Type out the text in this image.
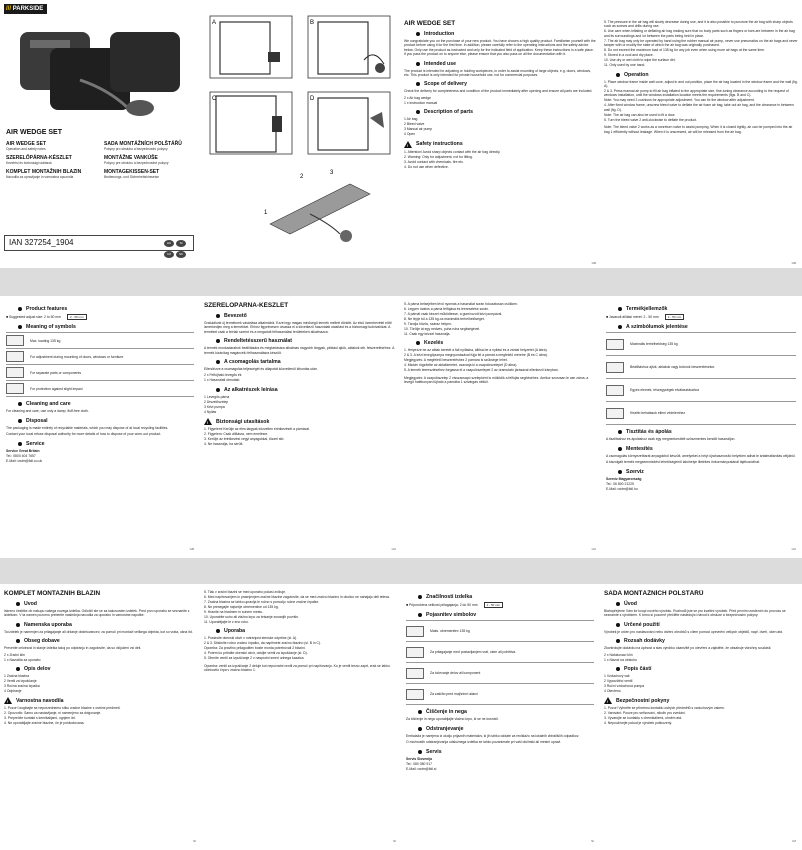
/// PARKSIDE
AIR WEDGE SET
AIR WEDGE SET
Operation and safety notes
SADA MONTÁŽNÍCH POLŠTÁŘŮ
Pokyny pro obsluhu a bezpečnostní pokyny
SZERELŐPÁRNA-KÉSZLET
Kezelési és biztonsági utalások
MONTÁŽNE VANKÚŠE
Pokyny pre obsluhu a bezpečnostné pokyny
KOMPLET MONTAŽNIH BLAZIN
Navodila za upravljanje in varnostna opozorila
MONTAGEKISSEN-SET
Bedienungs- und Sicherheitshinweise
IAN 327254_1904	HU	SICZ	SK
A	B
C	D
2
3
1
AIR WEDGE SET
Introduction

We congratulate you on the purchase of your new product. You have chosen a high quality product. Familiarise yourself with the product before using it for the first time. In addition, please carefully refer to the operating instructions and the safety advice below. Only use the product as instructed and only for the indicated field of application. Keep these instructions in a safe place. If you pass the product on to anyone else, please ensure that you also pass on all the documentation with it.

Intended use

The product is intended for adjusting or holding workpieces, in order to assist mounting of large objects, e.g. doors, windows, etc. This product is only intended for private household use, not for commercial purposes.

Scope of delivery

Check the delivery for completeness and condition of the product immediately after opening and ensure all parts are included.

2 x Air bag wedge
1 x Instruction manual
Description of parts
1 Air bag
2 Bleed valve
3 Manual air pump
4 Open
!
Safety instructions
1. Attention! Avoid sharp objects contact with the air bag directly.
2. Warning: Only for adjustment, not for lifting.
3. Avoid contact with chemicals, fire etc.
4. Do not use when defective.
GB
5. The pressure in the air bag will slowly decrease during use, and it is also possible to puncture the air bag with sharp objects such as screws and drills during use.
6. Use care when inflating or deflating air bag making sure that no body parts such as fingers or toes are between in the air bag and its surroundings and /or between the parts being held in place.
7. The air bag may only be operated by hand using the rubber manual air pump, never use pneumatics on the air bags and never tamper with or modify the state of which the air bag was originally purchased.
8. Do not exceed the maximum load of 135 kg for any job even when using more air bags at the same time.
9. Stored in a cool and dry place.
10. Use dry or wet cloth to wipe the surface dirt.
11. Only used by one hand.
Operation
1. Place window frame inside wall cove, adjust in and out position, place the air bag located in the window frame and the wall (fig. A).
2 & 3. Press manual air pump to fill air bag inflated to the appropriate size, fine-tuning clearance according to the request of windows installation, until the windows installation location meets the requirements (figs. B and C).
Note: You may need 2 cushions for appropriate adjustment. You can fix the window after adjustment.
4. After fixed window frame, unscrew bleed valve to deflate the air foam air bag, take out air bag, and the clearance in between wall (fig. D).
Note: The air bag can also be used to fit a door.
5. Turn the bleed valve 2 anti-clockwise to deflate the product.

Note: The bleed valve 2 works as a nonreturn valve to assist pumping. When it is closed tightly, air can be pumped into the air bag 1 efficiently without leakage. When it is unscrewed, air will be released from the air bag.

GB
Product features

■ Suggested adjust size: 2 to 50 mm	2 - 50 mm

Meaning of symbols
Max. loading 135 kg
For adjustment during mounting of doors, windows or furniture.
For separate parts or components
For protection against slight impact
Cleaning and care

For cleaning and care, use only a damp, fluff-free cloth.

Disposal

The packaging is made entirely of recyclable materials, which you may dispose of at local recycling facilities.

Contact your local refuse disposal authority for more details of how to dispose of your worn-out product.

Service
Service Great Britain
Tel.: 0800 404 7657
E-Mail: owim@lidl.co.uk
GB
SZERELŐPÁRNA-KÉSZLET
Bevezető

Gratulálunk új terméknek vásárlása alkalmából. Ezzel egy magas minőségű termék mellett döntött. Az első üzembevétel előtt ismerkedjen meg a termékkel. Ehhez figyelmesen olvassa el a következő használati utasítást és a biztonsági tudnivalókat. A terméket csak a leírtak szerint és a megadott felhasználási területeken alkalmazza.

Rendeltetésszerű használat

A termék munkadarabok beállítására és megtartására alkalmas nagyobb tárgyak, például ajtók, ablakok stb. felszereléséhez. A termék kizárólag magáncélú felhasználásra készült.

A csomagolás tartalma

Ellenőrizze a csomagolás teljességét és állapotát közvetlenül kibontás után.

2 x Felfújható levegős ék
1 x Használati útmutató
Az alkatrészek leírása
1 Levegős párna
2 Ürszelőszelep
3 Kézi pumpa
4 Nyitás
!
Biztonsági utasítások
1. Figyelem! Kerülje az éles tárgyak közvetlen érintkezését a párnával.
2. Figyelem: Csak állításra, nem emelésre.
3. Kerülje az érintkezést vegyi anyagokkal, tűzzel stb.
4. Ne használja, ha sérült.
HU
5. A párna belsejében lévő nyomás a használat során fokozatosan csökken.
6. Legyen óvatos a párna felfújása és leeresztése során.
7. A párnát csak kézzel működtesse, a gumírozott kézi pumpával.
8. Ne lépje túl a 135 kg-os maximális terhelhetőséget.
9. Tárolja hűvös, száraz helyen.
10. Törölje át egy nedves, puha ruha segítségével.
11. Csak egy kézzel használja.
Kezelés
1. Helyezze be az ablak keretét a fali nyílásba, állítsa be a nyitási és a zárási helyzetet (A ábra).
2 & 3. A kézi levegőpumpa megnyomásával fújja fel a párnát a megfelelő méretre (B és C ábra).
Megjegyzés: A megfelelő beszereléshez 2 párnára is szüksége lehet.
4. Miután rögzítette az ablakkeretet, csavarja ki a csapolószelepet (D ábra).
5. A termék leeresztéséhez forgassa el a csapolószelepet 2 az óramutató járásával ellenkező irányban.

Megjegyzés: A csapolószelep 2 visszacsapó szelepként is működik a felfújás segítéséhez. Amikor szorosan le van zárva, a levegő hatékonyan fújható a párnába 1 szivárgás nélkül.

HU
Termékjellemzők

■ Javasolt állítási méret: 2 - 50 mm	2 - 50 mm

A szimbólumok jelentése
Maximális terhelhetőség 135 kg
Beállításhoz ajtók, ablakok vagy bútorok beszerelésekor.
Egyes elemek, részegységek elválasztásához
Kisebb behatások elleni védelemhez
Tisztítás és ápolás

A tisztításhoz és ápoláshoz csak egy megnedvesített szöszmentes kendőt használjon.

Mentesítés

A csomagolás környezetbarát anyagokból készült, amelyeket a helyi újrahasznosító helyeken adhat le ártalmatlanítás céljából.

A kiszolgált termék megsemmisítési lehetőségeiről lakóhelye illetékes önkormányzatánál tájékozódhat.

Szerviz
Szerviz Magyarország
Tel.: 06 800 21225
E-Mail: owim@lidl.hu
HU
KOMPLET MONTAŽNIH BLAZIN
Uvod

Iskreno čestitke ob nakupu vašega novega izdelka. Odločili ste se za kakovosten izdelek. Pred prvo uporabo se seznanite z izdelkom. V ta namen pozorno preberite naslednja navodila za uporabo in varnostne napotke.

Namenska uporaba

Ta izdelek je namenjen za prilagajanje ali držanje obdelovancev, za pomoč pri montaži velikega objekta, kot so vrata, okna itd.

Obseg dobave

Preverite celotnost in stanje izdelka takoj po odpiranju in zagotovite, da so vključeni vsi deli.

2 x Zračni klin
1 x Navodila za uporabo
Opis delov
1 Zračna blazina
2 Ventil za izpuščanje
3 Ročna zračna črpalka
4 Odpiranje
!
Varnostna navodila
1. Pozor! Izogibajte se neposrednemu stiku zračne blazine z ostrimi predmeti.
2. Opozorilo: Samo za nastavljanje, ni namenjeno za dvigovanje.
3. Preprečite kontakt s kemikalijami, ognjem itd.
4. Ne uporabljajte zračne blazine, če je poškodovana.
SI
5. Tlak v zračni blazini se med uporabo počasi znižuje.
6. Med napihovanjem in praznjenjem zračne blazine zagotovite, da se med zračno blazino in okolico ne nahajajo deli telesa.
7. Zračna blazina se lahko upravlja le ročno s pomočjo ročne zračne črpalke.
8. Ne presegajte največje obremenitve od 135 kg.
9. Hranite na hladnem in suhem mestu.
10. Uporabite suho ali vlažno krpo za brisanje zunanjih površin.
11. Uporabljajte le z eno roko.
Uporaba
1. Postavite okenski okvir v notranjost stenske odprtine (sl. A).
2 & 3. Stisknite ročno zračno črpalko, da napihnete zračno blazino (sl. B in C).
Opomba: Za pravilno prilagoditev boste morda potrebovali 2 blazini.
4. Potem ko pritrdite okenski okvir, odvijte ventil za izpuščanje (sl. D).
5. Obrnite ventil za izpuščanje 2 v nasprotni smeri urinega kazalca.

Opomba: ventil za izpuščanje 2 deluje kot nepovratni ventil za pomoč pri napihovanju. Ko je ventil tesno zaprt, zrak se lahko učinkovito črpa v zračno blazino 1.

SI
Značilnosti izdelka

■ Priporočena velikost prilagajanja: 2 do 50 mm	2 - 50 mm

Pojasnitev simbolov
Maks. obremenitev 135 kg
Za prilagajanje med postavljanjem vrat, oken ali pohištva.
Za ločevanje delov ali komponent
Za zaščito pred majhnimi udarci
Čiščenje in nega

Za čiščenje in nego uporabljajte vlažno krpo, ki se ne kosmiči.

Odstranjevanje

Embalaža je narejena iz okolju prijaznih materialov, ki jih lahko oddate za reciklažo na lokalnih zbirališčih odpadkov.

O možnostih odstranjevanja odslužnega izdelka se lahko pozanimate pri vaši občinski ali mestni upravi.

Servis
Servis Slovenija
Tel.: 080 080 917
E-Mail: owim@lidl.si
SI
SADA MONTÁŽNÍCH POLŠTÁŘŮ
Úvod

Blahopřejeme Vám ke koupi nového výrobku. Rozhodli jste se pro kvalitní výrobek. Před prvním uvedením do provozu se seznamte s výrobkem. K tomu si pozorně přečtěte následující návod k obsluze a bezpečnostní pokyny.

Určené použití

Výrobek je určen pro nastavování nebo držení obrobků s cílem pomoci upevnění velkých objektů, např. dveří, oken atd.

Rozsah dodávky

Zkontrolujte dodávku na úplnost a stav výrobku okamžitě po otevření a zajistěte, že obsahuje všechny součásti.

2 x Nafukovací klín
1 x Návod na obsluhu
Popis částí
1 Vzduchový vak
2 Vypouštěcí ventil
3 Ruční vzduchová pumpa
4 Otevřeno
!
Bezpečnostní pokyny
1. Pozor! Vyhněte se přímému kontaktu ostrých předmětů s vzduchovým vakem.
2. Varování: Pouze pro seřizování, nikoliv pro zvedání.
3. Vyvarujte se kontaktu s chemikáliemi, ohněm atd.
4. Nepoužívejte pokud je výrobek poškozený.
CZ
